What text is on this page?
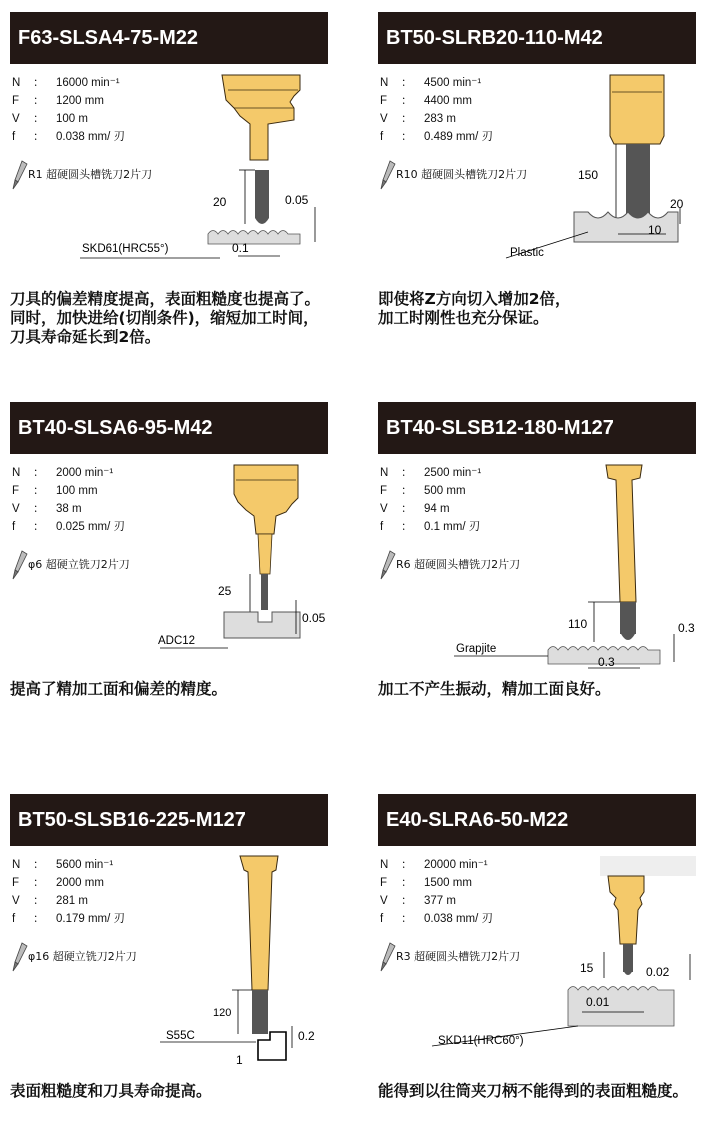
F63-SLSA4-75-M22
N ： 16000 min⁻¹
F ： 1200 mm
V ： 100 m
f ： 0.038 mm/ 刃
R1 超硬圆头槽铣刀2片刀
20	0.05
0.1
SKD61(HRC55°)
刀具的偏差精度提高，表面粗糙度也提高了。
同时，加快进给(切削条件)，缩短加工时间，
刀具寿命延长到2倍。
BT50-SLRB20-110-M42
N ： 4500 min⁻¹
F ： 4400 mm
V ： 283 m
f ： 0.489 mm/ 刃
R10 超硬圆头槽铣刀2片刀	150
20
10
Plastic
即使将Z方向切入增加2倍，
加工时刚性也充分保证。
BT40-SLSA6-95-M42
N ： 2000 min⁻¹
F ： 100 mm
V ： 38 m
f ： 0.025 mm/ 刃
φ6 超硬立铣刀2片刀
25
0.05
ADC12
提高了精加工面和偏差的精度。
BT40-SLSB12-180-M127
N ： 2500 min⁻¹
F ： 500 mm
V ： 94 m
f ： 0.1 mm/ 刃
R6 超硬圆头槽铣刀2片刀
110	0.3
0.3
Grapjite
加工不产生振动，精加工面良好。
BT50-SLSB16-225-M127
N ： 5600 min⁻¹
F ： 2000 mm
V ： 281 m
f ： 0.179 mm/ 刃
φ16 超硬立铣刀2片刀
120
0.2
1
S55C
表面粗糙度和刀具寿命提高。
E40-SLRA6-50-M22
N ： 20000 min⁻¹
F ： 1500 mm
V ： 377 m
f ： 0.038 mm/ 刃
R3 超硬圆头槽铣刀2片刀
15	0.02
0.01
SKD11(HRC60°)
能得到以往筒夹刀柄不能得到的表面粗糙度。
